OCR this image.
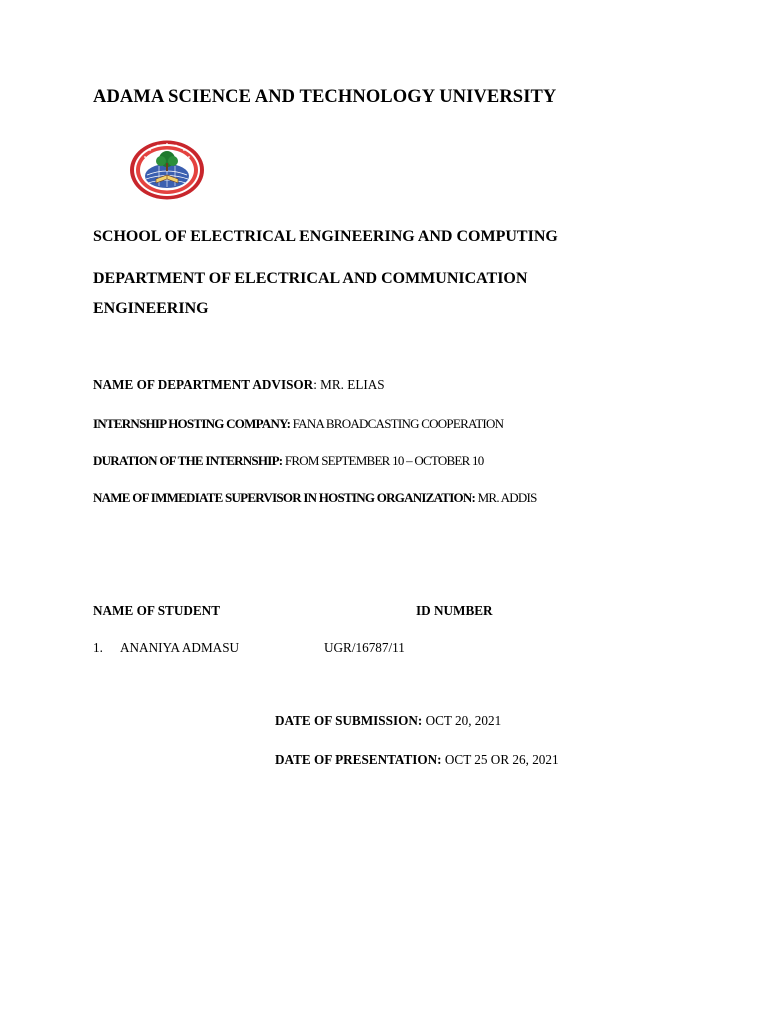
ADAMA SCIENCE AND TECHNOLOGY UNIVERSITY
SCHOOL OF ELECTRICAL ENGINEERING AND COMPUTING
DEPARTMENT OF ELECTRICAL AND COMMUNICATION
ENGINEERING
NAME OF DEPARTMENT ADVISOR: MR. ELIAS
INTERNSHIP HOSTING COMPANY: FANA BROADCASTING COOPERATION
DURATION OF THE INTERNSHIP: FROM SEPTEMBER 10 – OCTOBER 10
NAME OF IMMEDIATE SUPERVISOR IN HOSTING ORGANIZATION: MR. ADDIS
NAME OF STUDENT	ID NUMBER
1. ANANIYA ADMASU	UGR/16787/11
DATE OF SUBMISSION: OCT 20, 2021
DATE OF PRESENTATION: OCT 25 OR 26, 2021
